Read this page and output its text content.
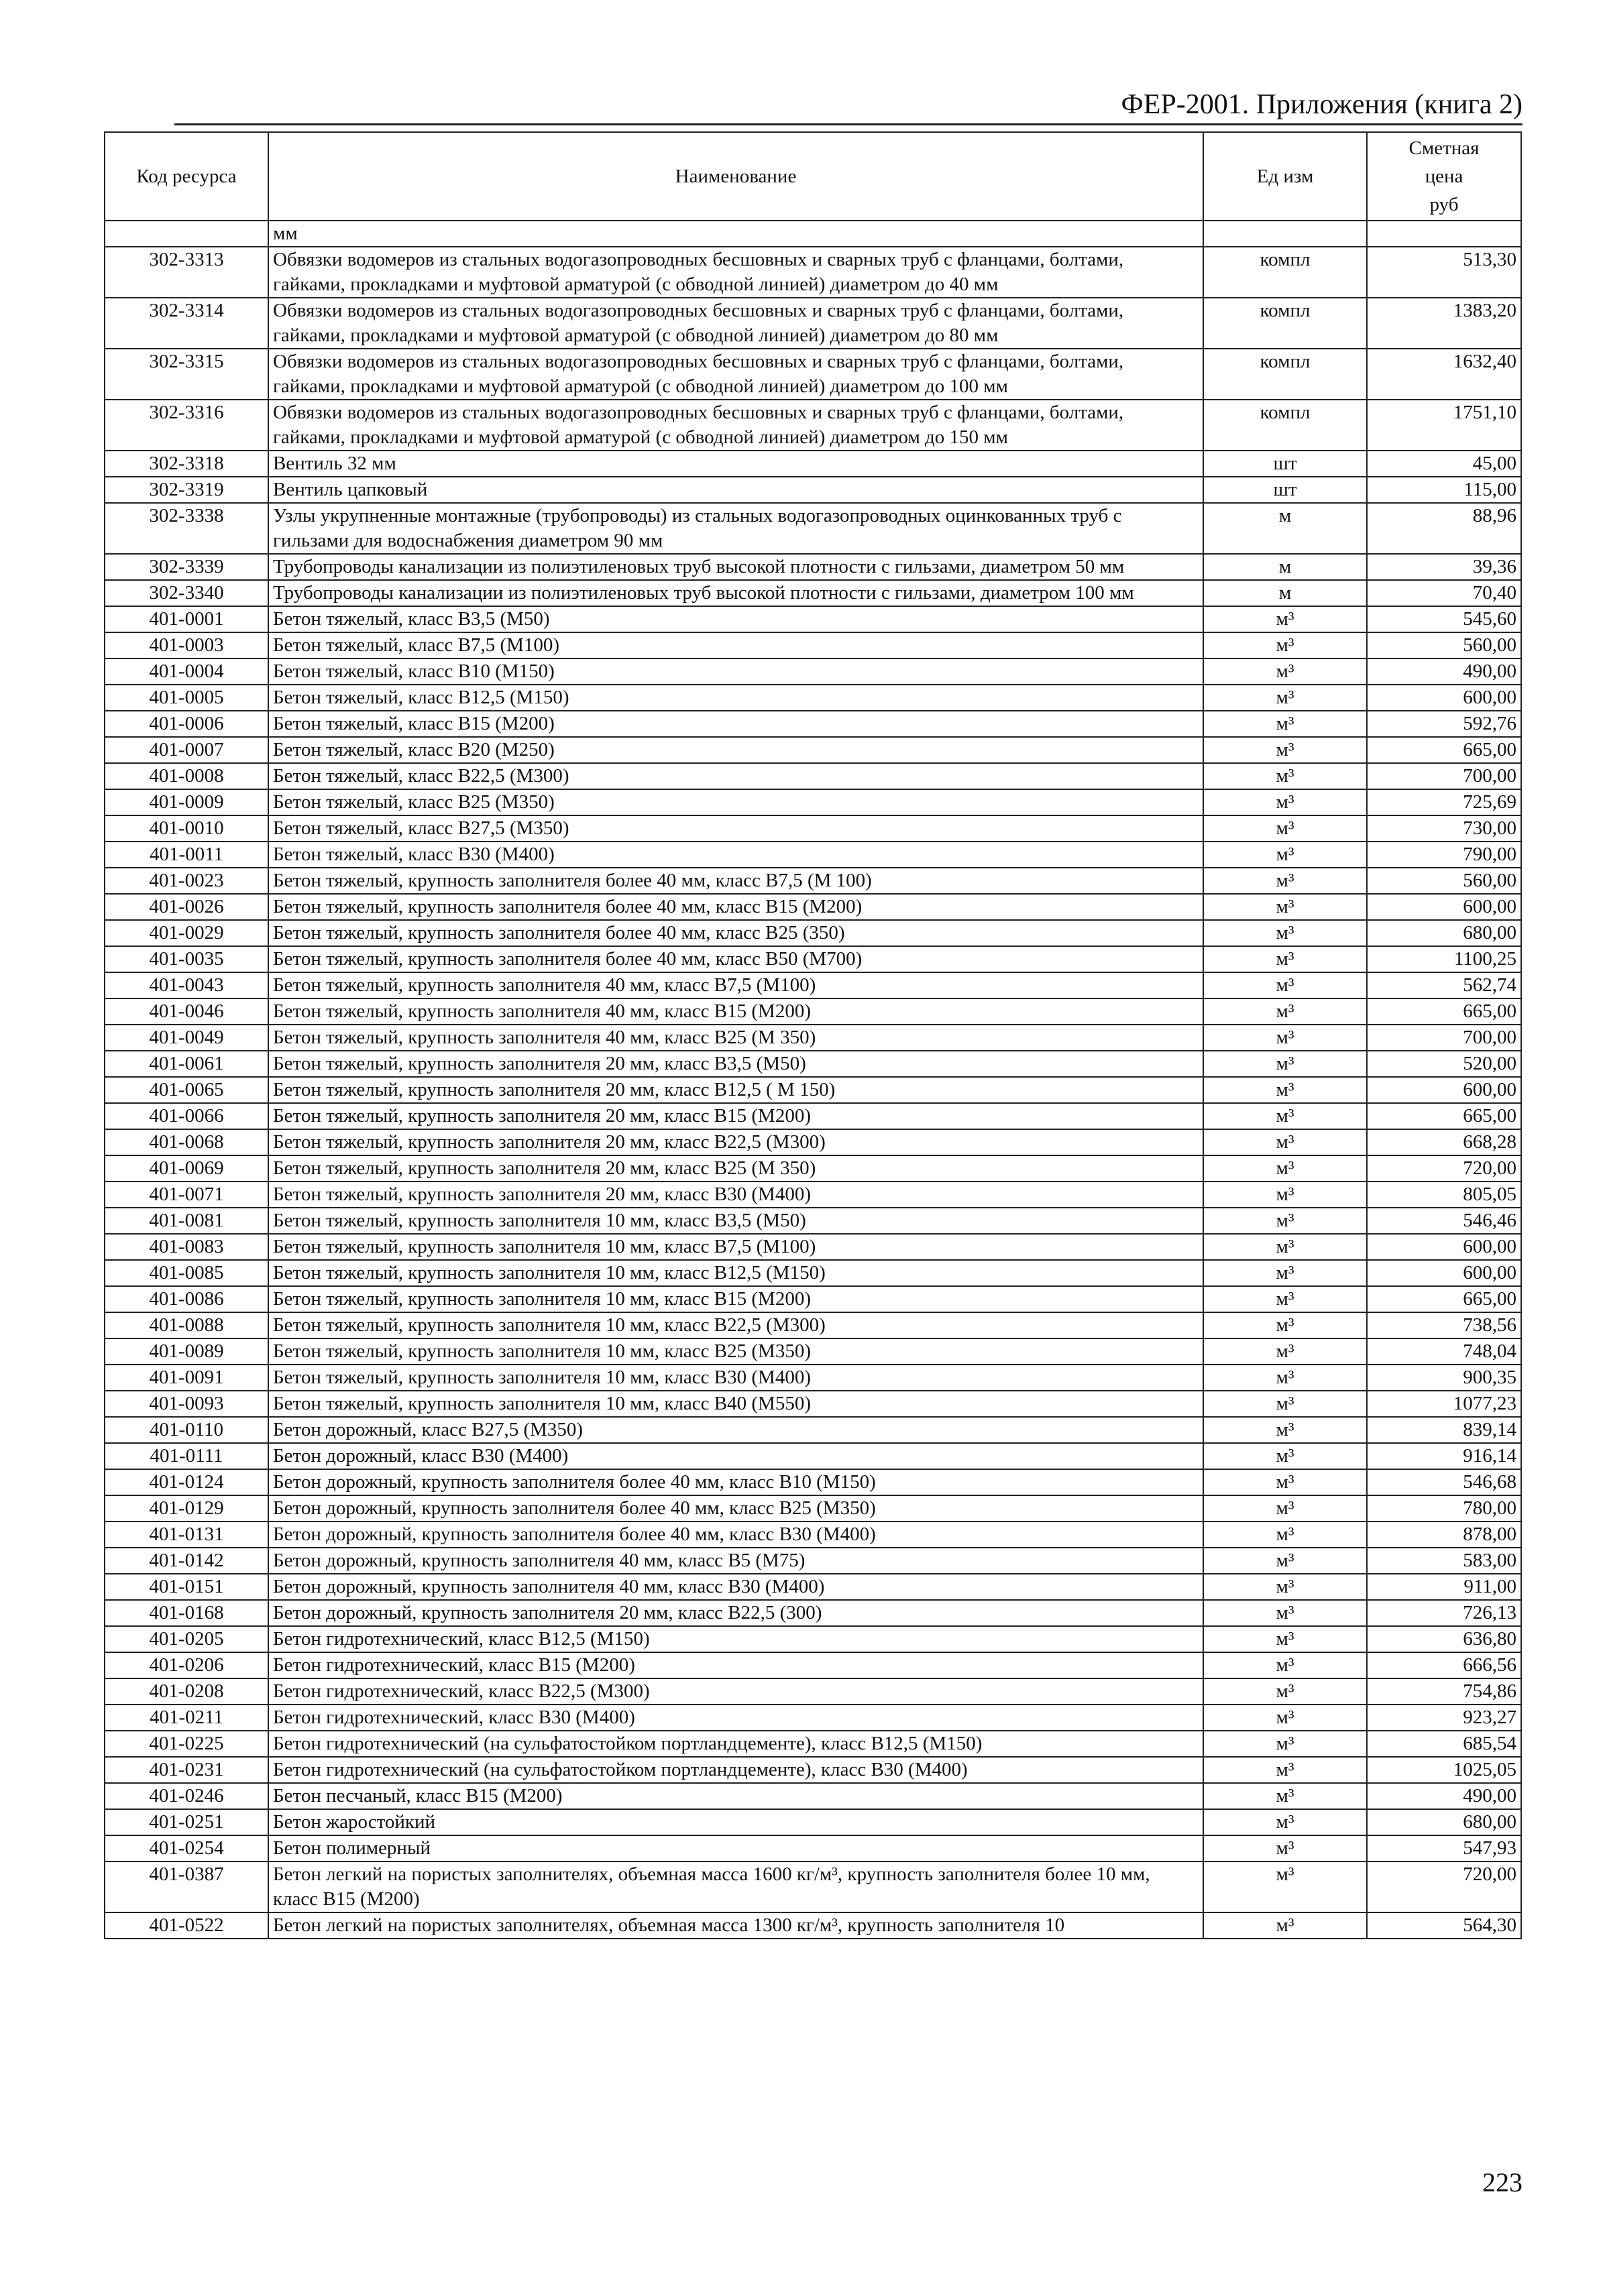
ФЕР-2001. Приложения (книга 2)
Код ресурса	Наименование	Ед изм	Сметная
цена
руб
	мм		
302-3313	Обвязки водомеров из стальных водогазопроводных бесшовных и сварных труб с фланцами, болтами, гайками, прокладками и муфтовой арматурой (с обводной линией) диаметром до 40 мм	компл	513,30
302-3314	Обвязки водомеров из стальных водогазопроводных бесшовных и сварных труб с фланцами, болтами, гайками, прокладками и муфтовой арматурой (с обводной линией) диаметром до 80 мм	компл	1383,20
302-3315	Обвязки водомеров из стальных водогазопроводных бесшовных и сварных труб с фланцами, болтами, гайками, прокладками и муфтовой арматурой (с обводной линией) диаметром до 100 мм	компл	1632,40
302-3316	Обвязки водомеров из стальных водогазопроводных бесшовных и сварных труб с фланцами, болтами, гайками, прокладками и муфтовой арматурой (с обводной линией) диаметром до 150 мм	компл	1751,10
302-3318	Вентиль 32 мм	шт	45,00
302-3319	Вентиль цапковый	шт	115,00
302-3338	Узлы укрупненные монтажные (трубопроводы) из стальных водогазопроводных оцинкованных труб с гильзами для водоснабжения диаметром 90 мм	м	88,96
302-3339	Трубопроводы канализации из полиэтиленовых труб высокой плотности с гильзами, диаметром 50 мм	м	39,36
302-3340	Трубопроводы канализации из полиэтиленовых труб высокой плотности с гильзами, диаметром 100 мм	м	70,40
401-0001	Бетон тяжелый, класс В3,5 (М50)	м³	545,60
401-0003	Бетон тяжелый, класс В7,5 (М100)	м³	560,00
401-0004	Бетон тяжелый, класс В10 (М150)	м³	490,00
401-0005	Бетон тяжелый, класс В12,5 (М150)	м³	600,00
401-0006	Бетон тяжелый, класс В15 (М200)	м³	592,76
401-0007	Бетон тяжелый, класс В20 (М250)	м³	665,00
401-0008	Бетон тяжелый, класс В22,5 (М300)	м³	700,00
401-0009	Бетон тяжелый, класс В25 (М350)	м³	725,69
401-0010	Бетон тяжелый, класс В27,5 (М350)	м³	730,00
401-0011	Бетон тяжелый, класс В30 (М400)	м³	790,00
401-0023	Бетон тяжелый, крупность заполнителя более 40 мм, класс В7,5 (М 100)	м³	560,00
401-0026	Бетон тяжелый, крупность заполнителя более 40 мм, класс В15 (М200)	м³	600,00
401-0029	Бетон тяжелый, крупность заполнителя более 40 мм, класс В25 (350)	м³	680,00
401-0035	Бетон тяжелый, крупность заполнителя более 40 мм, класс В50 (М700)	м³	1100,25
401-0043	Бетон тяжелый, крупность заполнителя 40 мм, класс В7,5 (М100)	м³	562,74
401-0046	Бетон тяжелый, крупность заполнителя 40 мм, класс В15 (М200)	м³	665,00
401-0049	Бетон тяжелый, крупность заполнителя 40 мм, класс В25 (М 350)	м³	700,00
401-0061	Бетон тяжелый, крупность заполнителя 20 мм, класс В3,5 (М50)	м³	520,00
401-0065	Бетон тяжелый, крупность заполнителя 20 мм, класс В12,5 ( М 150)	м³	600,00
401-0066	Бетон тяжелый, крупность заполнителя 20 мм, класс В15 (М200)	м³	665,00
401-0068	Бетон тяжелый, крупность заполнителя 20 мм, класс В22,5 (М300)	м³	668,28
401-0069	Бетон тяжелый, крупность заполнителя 20 мм, класс В25 (М 350)	м³	720,00
401-0071	Бетон тяжелый, крупность заполнителя 20 мм, класс В30 (М400)	м³	805,05
401-0081	Бетон тяжелый, крупность заполнителя 10 мм, класс В3,5 (М50)	м³	546,46
401-0083	Бетон тяжелый, крупность заполнителя 10 мм, класс В7,5 (М100)	м³	600,00
401-0085	Бетон тяжелый, крупность заполнителя 10 мм, класс В12,5 (М150)	м³	600,00
401-0086	Бетон тяжелый, крупность заполнителя 10 мм, класс В15 (М200)	м³	665,00
401-0088	Бетон тяжелый, крупность заполнителя 10 мм, класс В22,5 (М300)	м³	738,56
401-0089	Бетон тяжелый, крупность заполнителя 10 мм, класс В25 (М350)	м³	748,04
401-0091	Бетон тяжелый, крупность заполнителя 10 мм, класс В30 (М400)	м³	900,35
401-0093	Бетон тяжелый, крупность заполнителя 10 мм, класс В40 (М550)	м³	1077,23
401-0110	Бетон дорожный, класс В27,5 (М350)	м³	839,14
401-0111	Бетон дорожный, класс В30 (М400)	м³	916,14
401-0124	Бетон дорожный, крупность заполнителя более 40 мм, класс В10 (М150)	м³	546,68
401-0129	Бетон дорожный, крупность заполнителя более 40 мм, класс В25 (М350)	м³	780,00
401-0131	Бетон дорожный, крупность заполнителя более 40 мм, класс В30 (М400)	м³	878,00
401-0142	Бетон дорожный, крупность заполнителя 40 мм, класс В5 (М75)	м³	583,00
401-0151	Бетон дорожный, крупность заполнителя 40 мм, класс В30 (М400)	м³	911,00
401-0168	Бетон дорожный, крупность заполнителя 20 мм, класс В22,5 (300)	м³	726,13
401-0205	Бетон гидротехнический, класс В12,5 (М150)	м³	636,80
401-0206	Бетон гидротехнический, класс В15 (М200)	м³	666,56
401-0208	Бетон гидротехнический, класс В22,5 (М300)	м³	754,86
401-0211	Бетон гидротехнический, класс В30 (М400)	м³	923,27
401-0225	Бетон гидротехнический (на сульфатостойком портландцементе), класс В12,5 (М150)	м³	685,54
401-0231	Бетон гидротехнический (на сульфатостойком портландцементе), класс В30 (М400)	м³	1025,05
401-0246	Бетон песчаный, класс В15 (М200)	м³	490,00
401-0251	Бетон жаростойкий	м³	680,00
401-0254	Бетон полимерный	м³	547,93
401-0387	Бетон легкий на пористых заполнителях, объемная масса 1600 кг/м³, крупность заполнителя более 10 мм, класс В15 (М200)	м³	720,00
401-0522	Бетон легкий на пористых заполнителях, объемная масса 1300 кг/м³, крупность заполнителя 10	м³	564,30
223
